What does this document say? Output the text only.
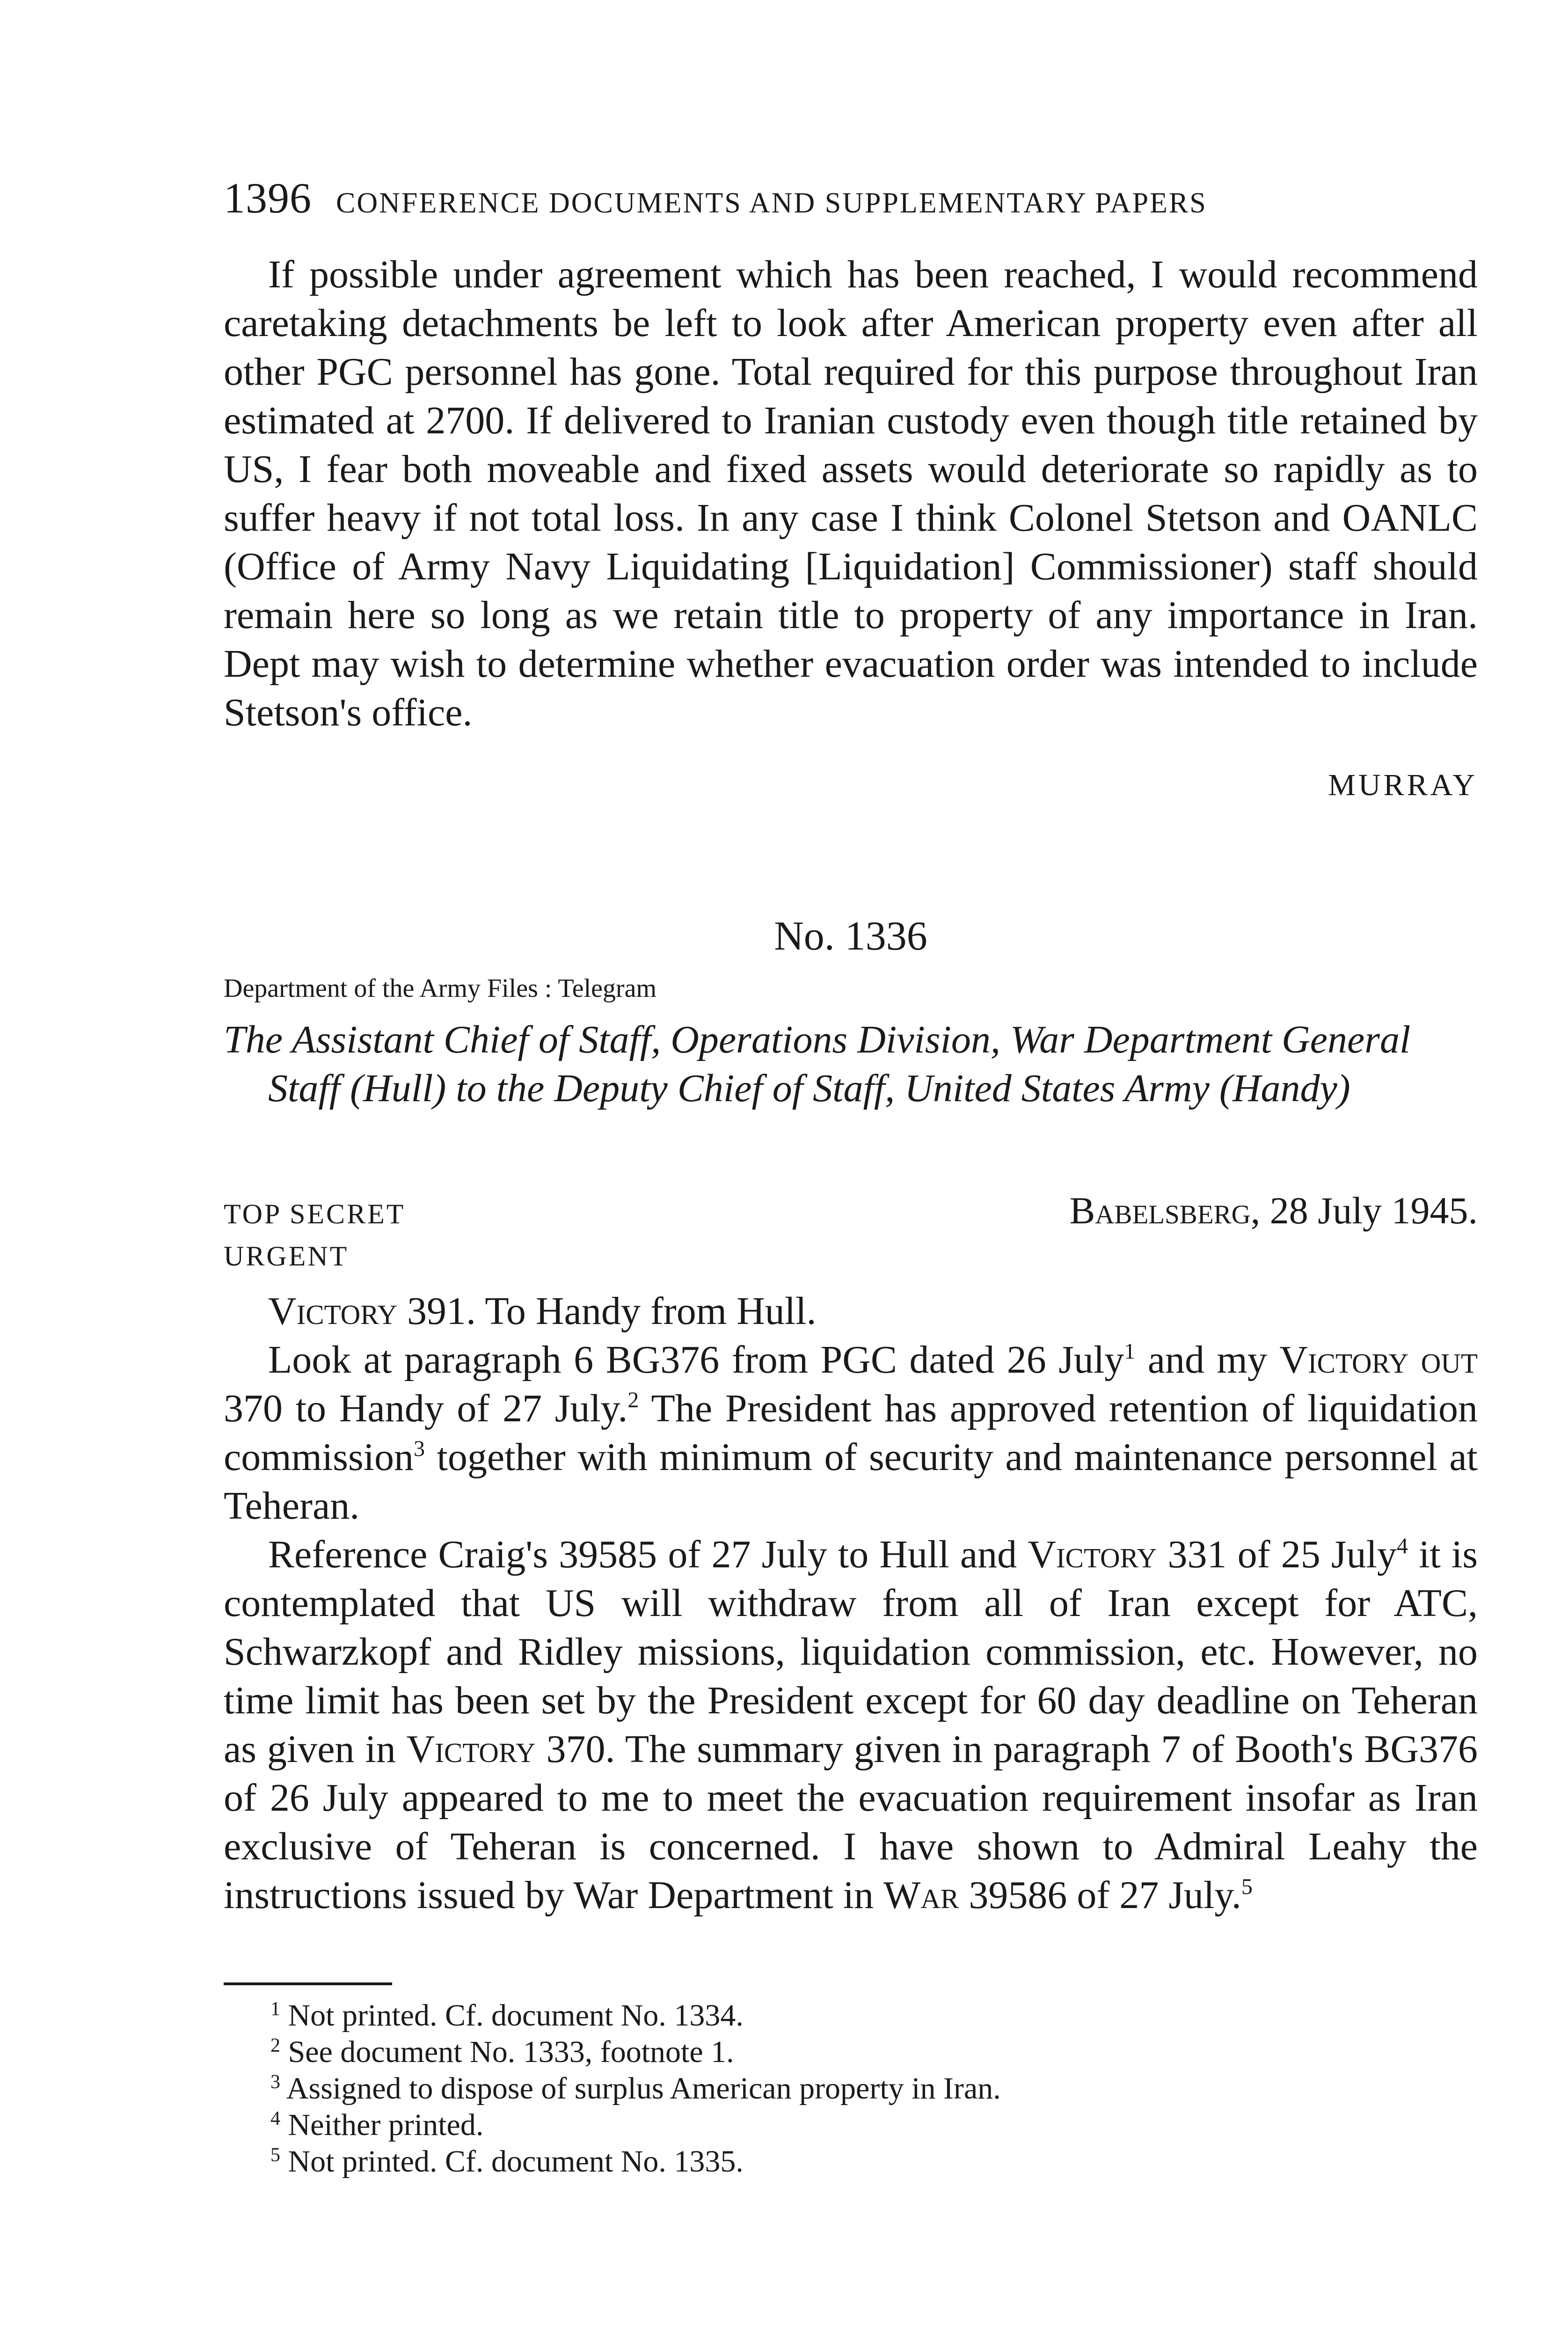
1396 CONFERENCE DOCUMENTS AND SUPPLEMENTARY PAPERS

If possible under agreement which has been reached, I would recommend caretaking detachments be left to look after American property even after all other PGC personnel has gone. Total required for this purpose throughout Iran estimated at 2700. If delivered to Iranian custody even though title retained by US, I fear both moveable and fixed assets would deteriorate so rapidly as to suffer heavy if not total loss. In any case I think Colonel Stetson and OANLC (Office of Army Navy Liquidating [Liquidation] Commissioner) staff should remain here so long as we retain title to property of any importance in Iran. Dept may wish to determine whether evacuation order was intended to include Stetson's office.

MURRAY
No. 1336
Department of the Army Files : Telegram

The Assistant Chief of Staff, Operations Division, War Department General Staff (Hull) to the Deputy Chief of Staff, United States Army (Handy)

TOP SECRET	Babelsberg, 28 July 1945.
URGENT

Victory 391. To Handy from Hull.

Look at paragraph 6 BG376 from PGC dated 26 July$^1$ and my Victory out 370 to Handy of 27 July.$^2$ The President has approved retention of liquidation commission$^3$ together with minimum of security and maintenance personnel at Teheran.

Reference Craig's 39585 of 27 July to Hull and Victory 331 of 25 July$^4$ it is contemplated that US will withdraw from all of Iran except for ATC, Schwarzkopf and Ridley missions, liquidation commission, etc. However, no time limit has been set by the President except for 60 day deadline on Teheran as given in Victory 370. The summary given in paragraph 7 of Booth's BG376 of 26 July appeared to me to meet the evacuation requirement insofar as Iran exclusive of Teheran is concerned. I have shown to Admiral Leahy the instructions issued by War Department in War 39586 of 27 July.$^5$

$^1$ Not printed. Cf. document No. 1334.

$^2$ See document No. 1333, footnote 1.

$^3$ Assigned to dispose of surplus American property in Iran.

$^4$ Neither printed.

$^5$ Not printed. Cf. document No. 1335.
